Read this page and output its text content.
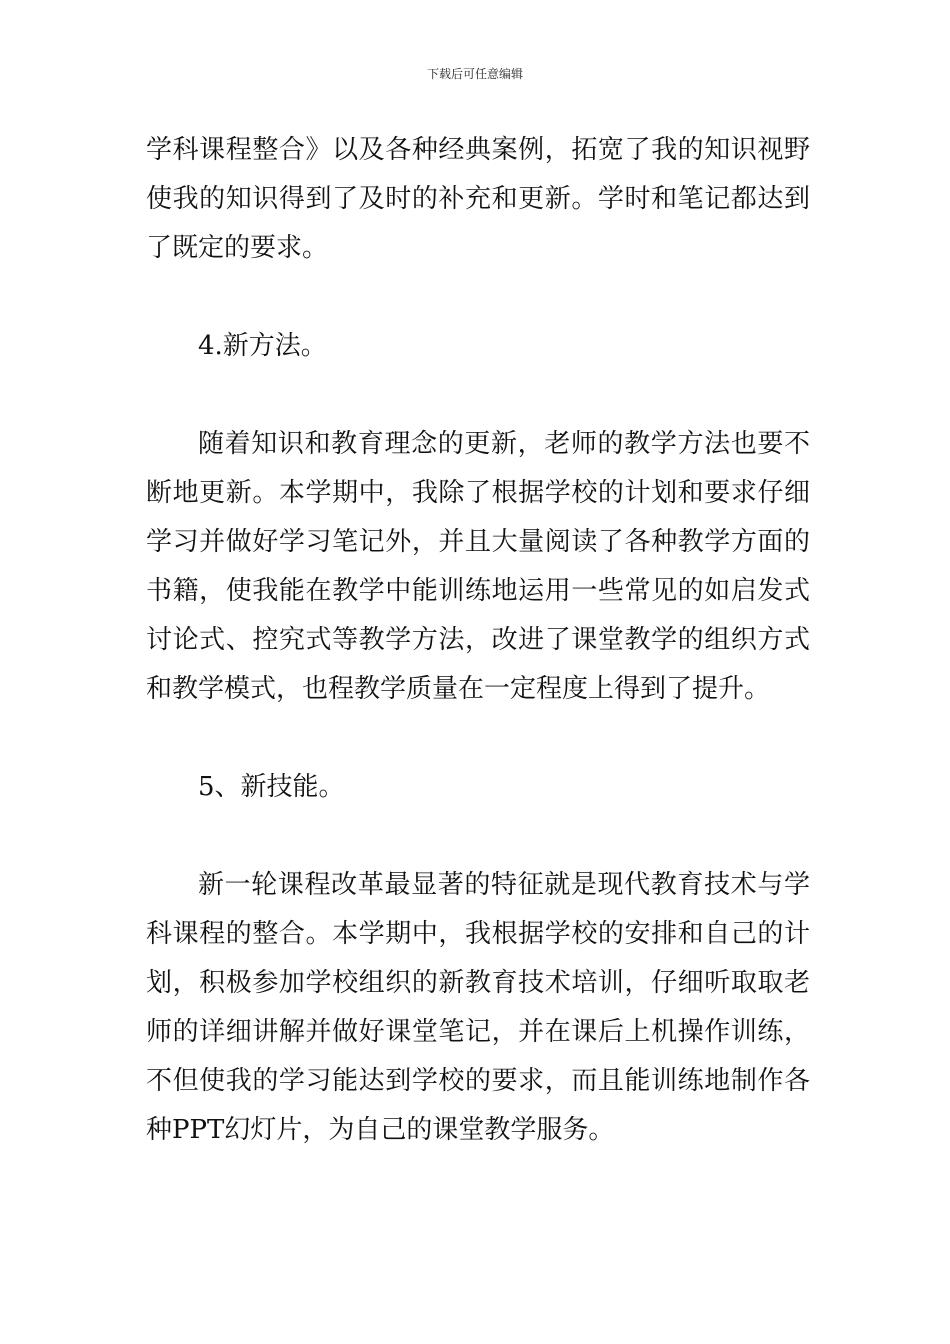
下载后可任意编辑
学科课程整合》以及各种经典案例，拓宽了我的知识视野
使我的知识得到了及时的补充和更新。学时和笔记都达到
了既定的要求。
4.新方法。
随着知识和教育理念的更新，老师的教学方法也要不
断地更新。本学期中，我除了根据学校的计划和要求仔细
学习并做好学习笔记外，并且大量阅读了各种教学方面的
书籍，使我能在教学中能训练地运用一些常见的如启发式
讨论式、控究式等教学方法，改进了课堂教学的组织方式
和教学模式，也程教学质量在一定程度上得到了提升。
5、新技能。
新一轮课程改革最显著的特征就是现代教育技术与学
科课程的整合。本学期中，我根据学校的安排和自己的计
划，积极参加学校组织的新教育技术培训，仔细听取取老
师的详细讲解并做好课堂笔记，并在课后上机操作训练，
不但使我的学习能达到学校的要求，而且能训练地制作各
种PPT幻灯片，为自己的课堂教学服务。
